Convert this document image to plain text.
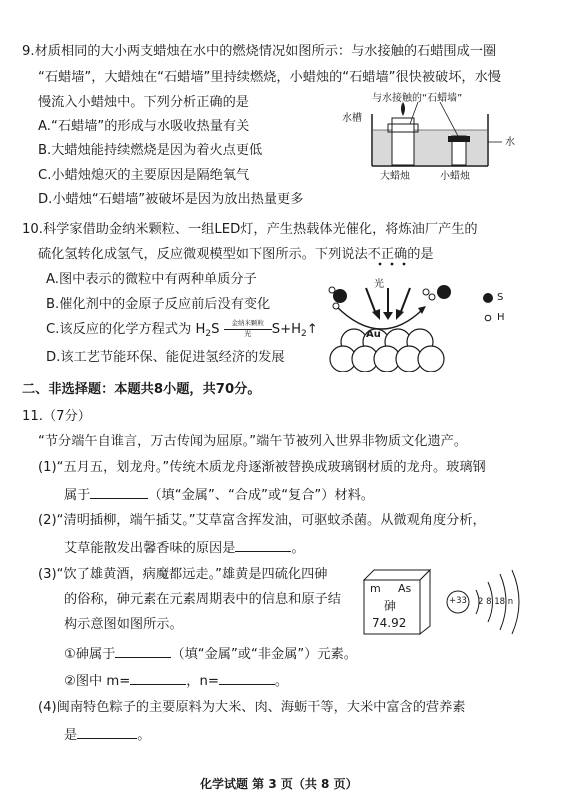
9.材质相同的大小两支蜡烛在水中的燃烧情况如图所示：与水接触的石蜡围成一圈
“石蜡墙”，大蜡烛在“石蜡墙”里持续燃烧，小蜡烛的“石蜡墙”很快被破坏，水慢
慢流入小蜡烛中。下列分析正确的是
A.“石蜡墙”的形成与水吸收热量有关
B.大蜡烛能持续燃烧是因为着火点更低
C.小蜡烛熄灭的主要原因是隔绝氧气
D.小蜡烛“石蜡墙”被破坏是因为放出热量更多
与水接触的“石蜡墙”
水槽
水
大蜡烛	小蜡烛
10.科学家借助金纳米颗粒、一组LED灯，产生热载体光催化，将炼油厂产生的
硫化氢转化成氢气，反应微观模型如下图所示。下列说法不正确的是
A.图中表示的微粒中有两种单质分子
B.催化剂中的金原子反应前后没有变化
C.该反应的化学方程式为 $H_2S$	金纳米颗粒
光	$S+H_2↑$
D.该工艺节能环保、能促进氢经济的发展
光
Au
S
H
二、非选择题：本题共8小题，共70分。
11.（7分）
“节分端午自谁言，万古传闻为屈原。”端午节被列入世界非物质文化遗产。
(1)“五月五，划龙舟。”传统木质龙舟逐渐被替换成玻璃钢材质的龙舟。玻璃钢
属于	（填“金属”、“合成”或“复合”）材料。
(2)“清明插柳，端午插艾。”艾草富含挥发油，可驱蚊杀菌。从微观角度分析，
艾草能散发出馨香味的原因是	。
(3)“饮了雄黄酒，病魔都远走。”雄黄是四硫化四砷
的俗称，砷元素在元素周期表中的信息和原子结
构示意图如图所示。
①砷属于	（填“金属”或“非金属”）元素。
②图中 m=	，n=	。
m As
砷
74.92
+33 2 8 18 n
(4)闽南特色粽子的主要原料为大米、肉、海蛎干等，大米中富含的营养素
是	。
化学试题 第 3 页（共 8 页）
